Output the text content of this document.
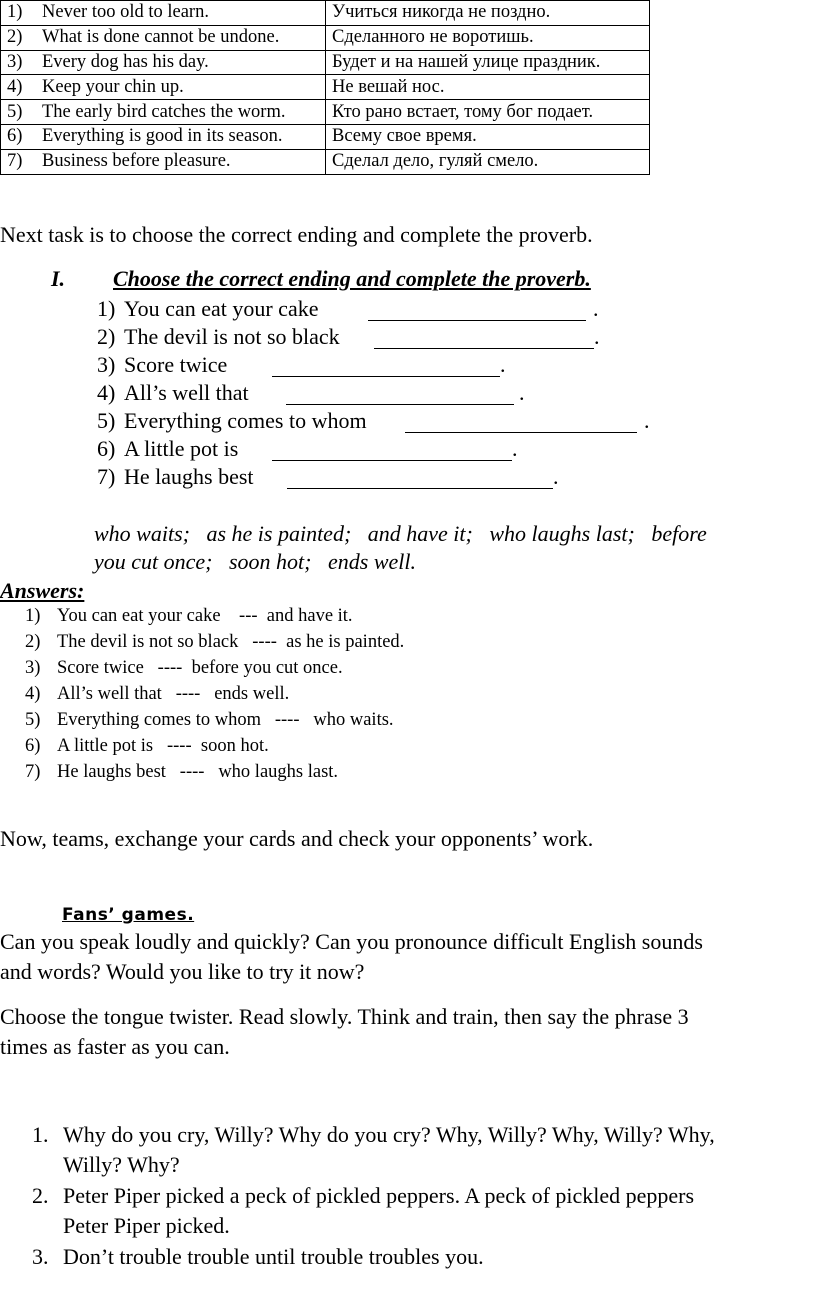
1) Never too old to learn.	Учиться никогда не поздно.
2) What is done cannot be undone.	Сделанного не воротишь.
3) Every dog has his day.	Будет и на нашей улице праздник.
4) Keep your chin up.	Не вешай нос.
5) The early bird catches the worm.	Кто рано встает, тому бог подает.
6) Everything is good in its season.	Всему свое время.
7) Business before pleasure.	Сделал дело, гуляй смело.
Next task is to choose the correct ending and complete the proverb.
I. Choose the correct ending and complete the proverb.
1) You can eat your cake	.
2) The devil is not so black	.
3) Score twice	.
4) All’s well that	.
5) Everything comes to whom	.
6) A little pot is	.
7) He laughs best	.
who waits;   as he is painted;   and have it;   who laughs last;   before
you cut once;   soon hot;   ends well.
Answers:
1) You can eat your cake    ---  and have it.
2) The devil is not so black   ----  as he is painted.
3) Score twice   ----  before you cut once.
4) All’s well that   ----   ends well.
5) Everything comes to whom   ----   who waits.
6) A little pot is   ----  soon hot.
7) He laughs best   ----   who laughs last.
Now, teams, exchange your cards and check your opponents’ work.
Fans’ games.
Can you speak loudly and quickly? Can you pronounce difficult English sounds
and words? Would you like to try it now?
Choose the tongue twister. Read slowly. Think and train, then say the phrase 3
times as faster as you can.
1. Why do you cry, Willy? Why do you cry? Why, Willy? Why, Willy? Why,
Willy? Why?
2. Peter Piper picked a peck of pickled peppers. A peck of pickled peppers
Peter Piper picked.
3. Don’t trouble trouble until trouble troubles you.
